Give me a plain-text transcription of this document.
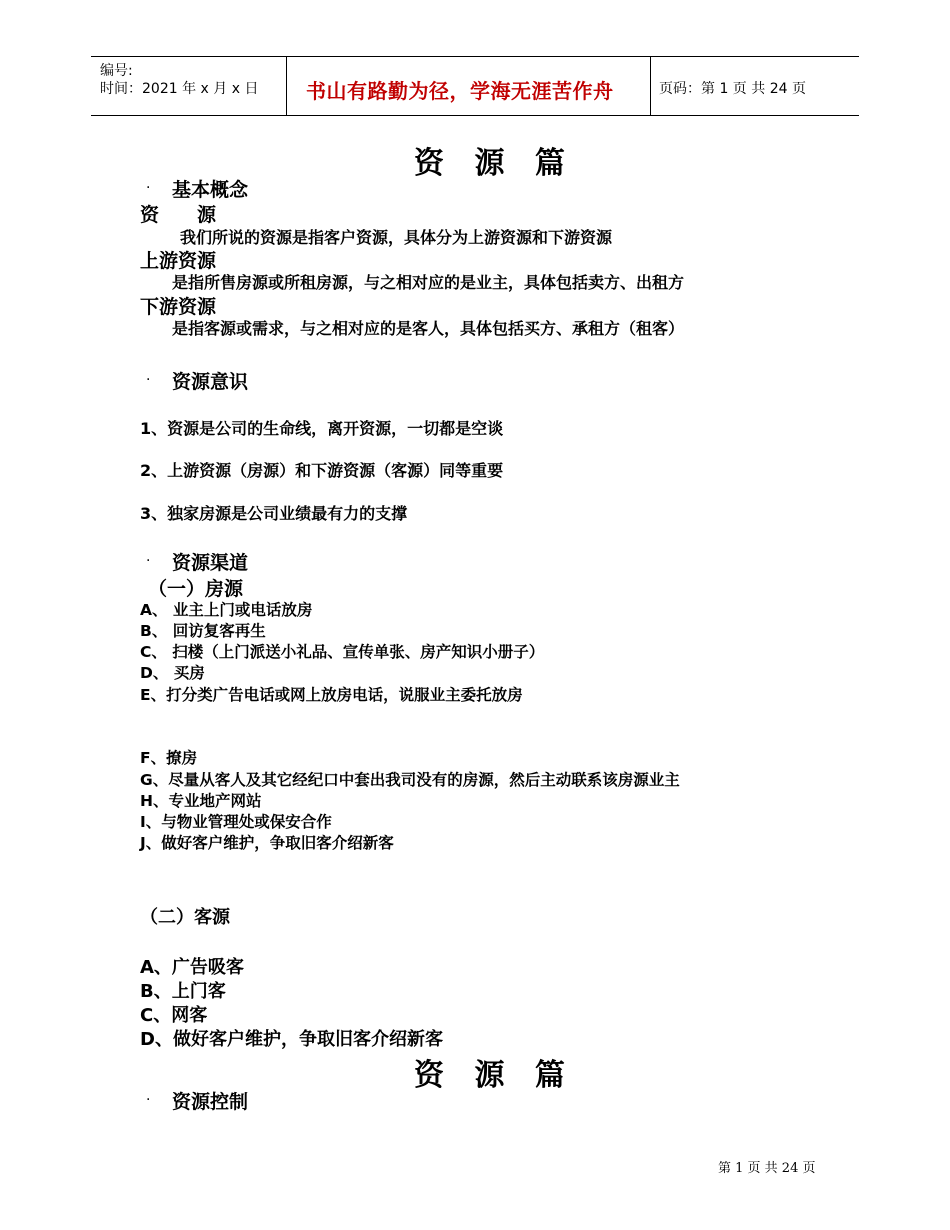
编号:
时间：2021 年 x 月 x 日 书山有路勤为径，学海无涯苦作舟	页码：第 1 页 共 24 页
资 源 篇
· 基本概念
资　　源
我们所说的资源是指客户资源，具体分为上游资源和下游资源
上游资源
是指所售房源或所租房源，与之相对应的是业主，具体包括卖方、出租方
下游资源
是指客源或需求，与之相对应的是客人，具体包括买方、承租方（租客）
· 资源意识
1、资源是公司的生命线，离开资源，一切都是空谈
2、上游资源（房源）和下游资源（客源）同等重要
3、独家房源是公司业绩最有力的支撑
· 资源渠道
（一）房源
A、 业主上门或电话放房
B、 回访复客再生
C、 扫楼（上门派送小礼品、宣传单张、房产知识小册子）
D、 买房
E、打分类广告电话或网上放房电话，说服业主委托放房
F、撩房
G、尽量从客人及其它经纪口中套出我司没有的房源，然后主动联系该房源业主
H、专业地产网站
I、与物业管理处或保安合作
J、做好客户维护，争取旧客介绍新客
（二）客源
A、广告吸客
B、上门客
C、网客
D、做好客户维护，争取旧客介绍新客
资 源 篇
· 资源控制
第 1 页 共 24 页
